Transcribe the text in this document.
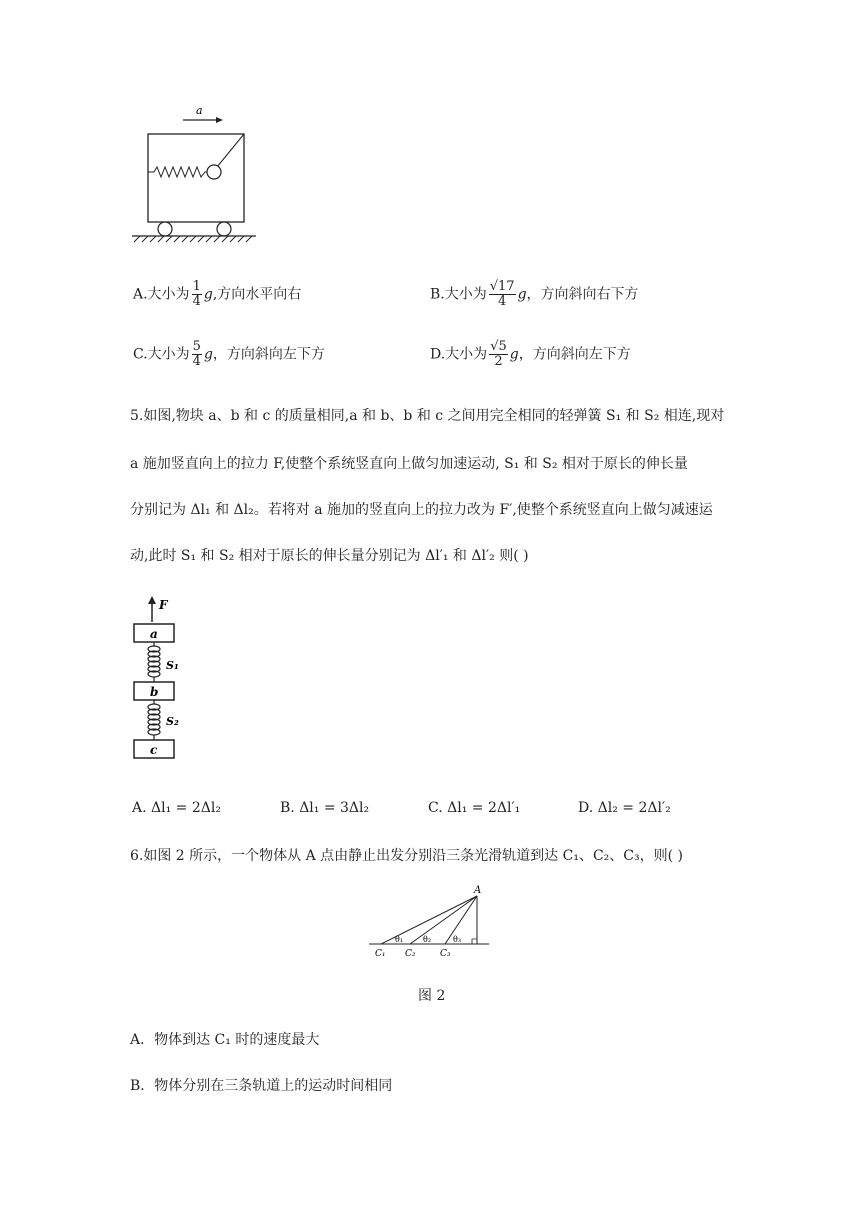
a
A.大小为 $\frac{1}{4} g$,方向水平向右	B.大小为 $\frac{√17}{4}$ g，方向斜向右下方
C.大小为 $\frac{5}{4}$ g，方向斜向左下方	D.大小为 $\frac{√5}{2}$ g，方向斜向左下方
5.如图,物块 a、b 和 c 的质量相同,a 和 b、b 和 c 之间用完全相同的轻弹簧 S₁ 和 S₂ 相连,现对
a 施加竖直向上的拉力 F,使整个系统竖直向上做匀加速运动, S₁ 和 S₂ 相对于原长的伸长量
分别记为 Δl₁ 和 Δl₂。若将对 a 施加的竖直向上的拉力改为 F′,使整个系统竖直向上做匀减速运
动,此时 S₁ 和 S₂ 相对于原长的伸长量分别记为 Δl′₁ 和 Δl′₂ 则( )
F
a
S₁
b
S₂
c
A. Δl₁ = 2Δl₂	B. Δl₁ = 3Δl₂	C. Δl₁ = 2Δl′₁	D. Δl₂ = 2Δl′₂
6.如图 2 所示，一个物体从 A 点由静止出发分别沿三条光滑轨道到达 C₁、C₂、C₃，则( )
A
C₁ C₂	C₃
θ₁ θ₂	θ₃
图 2
A．物体到达 C₁ 时的速度最大
B．物体分别在三条轨道上的运动时间相同
